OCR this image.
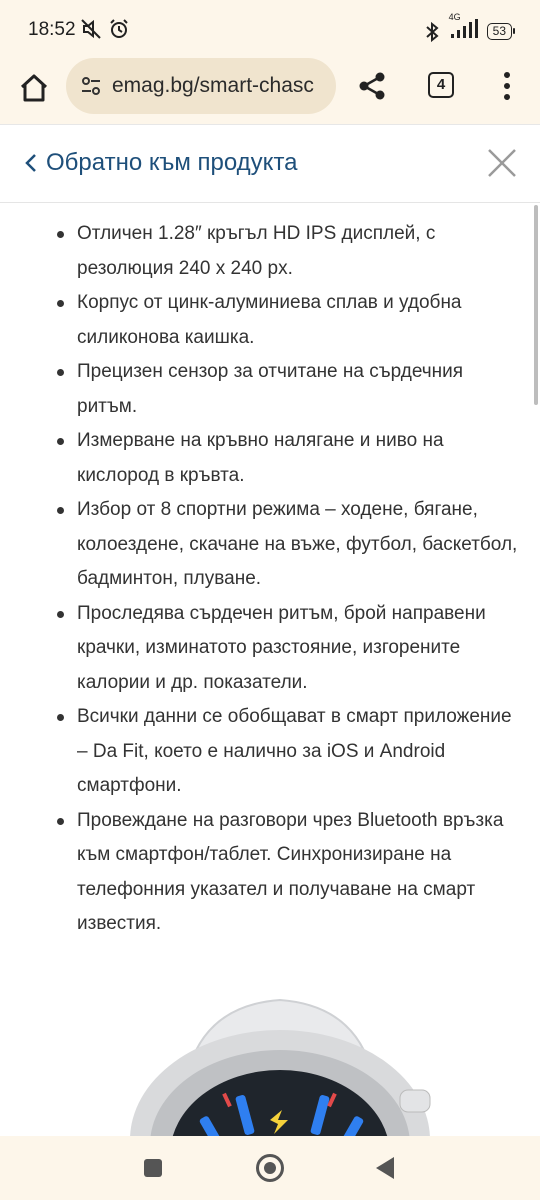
18:52
4G
53
emag.bg/smart-chasc	4
Обратно към продукта
Отличен 1.28″ кръгъл HD IPS дисплей, с резолюция 240 х 240 px.
Корпус от цинк-алуминиева сплав и удобна силиконова каишка.
Прецизен сензор за отчитане на сърдечния ритъм.
Измерване на кръвно налягане и ниво на кислород в кръвта.
Избор от 8 спортни режима – ходене, бягане, колоездене, скачане на въже, футбол, баскетбол, бадминтон, плуване.
Проследява сърдечен ритъм, брой направени крачки, изминатото разстояние, изгорените калории и др. показатели.
Всички данни се обобщават в смарт приложение – Da Fit, което е налично за iOS и Android смартфони.
Провеждане на разговори чрез Bluetooth връзка към смартфон/таблет. Синхронизиране на телефонния указател и получаване на смарт известия.
